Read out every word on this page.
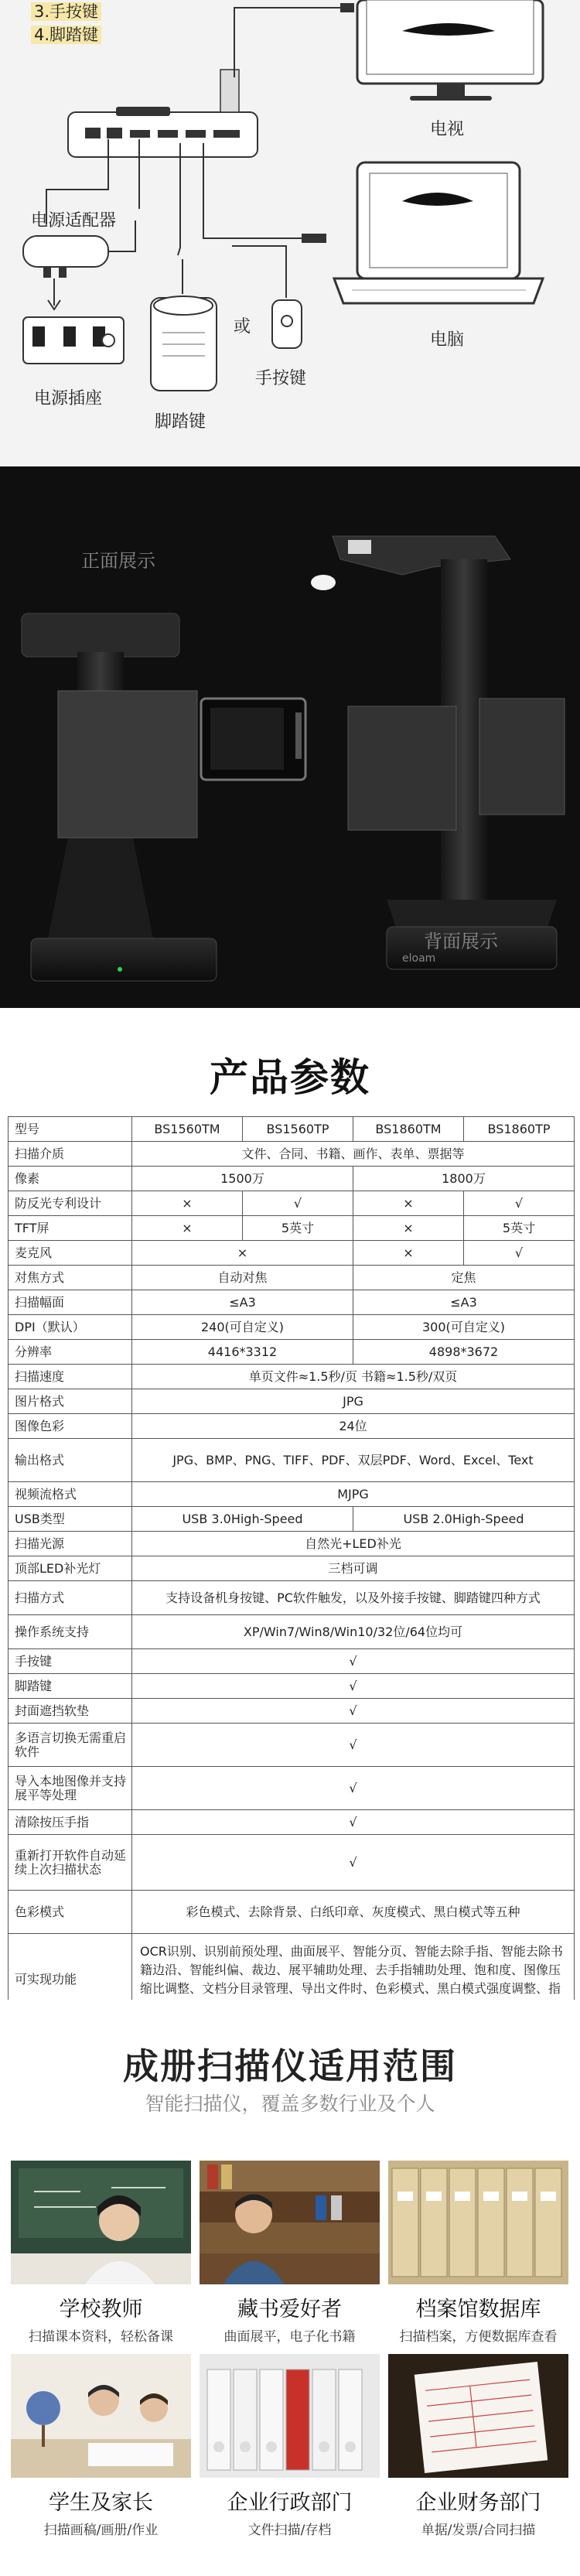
3.手按键
4.脚踏键
电视
电脑
电源适配器
电源插座
脚踏键
或
手按键
eloam
正面展示
背面展示
产品参数
型号	BS1560TM	BS1560TP	BS1860TM	BS1860TP
扫描介质	文件、合同、书籍、画作、表单、票据等			
像素	1500万		1800万	
防反光专利设计	×	√	×	√
TFT屏	×	5英寸	×	5英寸
麦克风	×		×	√
对焦方式	自动对焦		定焦	
扫描幅面	≤A3		≤A3	
DPI（默认）	240(可自定义)		300(可自定义)	
分辨率	4416*3312		4898*3672	
扫描速度	单页文件≈1.5秒/页 书籍≈1.5秒/双页			
图片格式	JPG			
图像色彩	24位			
输出格式	JPG、BMP、PNG、TIFF、PDF、双层PDF、Word、Excel、Text			
视频流格式	MJPG			
USB类型	USB 3.0High-Speed		USB 2.0High-Speed	
扫描光源	自然光+LED补光			
顶部LED补光灯	三档可调			
扫描方式	支持设备机身按键、PC软件触发，以及外接手按键、脚踏键四种方式			
操作系统支持	XP/Win7/Win8/Win10/32位/64位均可			
手按键	√			
脚踏键	√			
封面遮挡软垫	√			
多语言切换无需重启软件	√			
导入本地图像并支持展平等处理	√			
清除按压手指	√			
重新打开软件自动延续上次扫描状态	√			
色彩模式	彩色模式、去除背景、白纸印章、灰度模式、黑白模式等五种			
可实现功能	OCR识别、识别前预处理、曲面展平、智能分页、智能去除手指、智能去除书籍边沿、智能纠偏、裁边、展平辅助处理、去手指辅助处理、饱和度、图像压缩比调整、文档分目录管理、导出文件时、色彩模式、黑白模式强度调整、指			
成册扫描仪适用范围
智能扫描仪，覆盖多数行业及个人
学校教师
扫描课本资料，轻松备课
藏书爱好者
曲面展平，电子化书籍
档案馆数据库
扫描档案，方便数据库查看
学生及家长
扫描画稿/画册/作业
企业行政部门
文件扫描/存档
企业财务部门
单据/发票/合同扫描
